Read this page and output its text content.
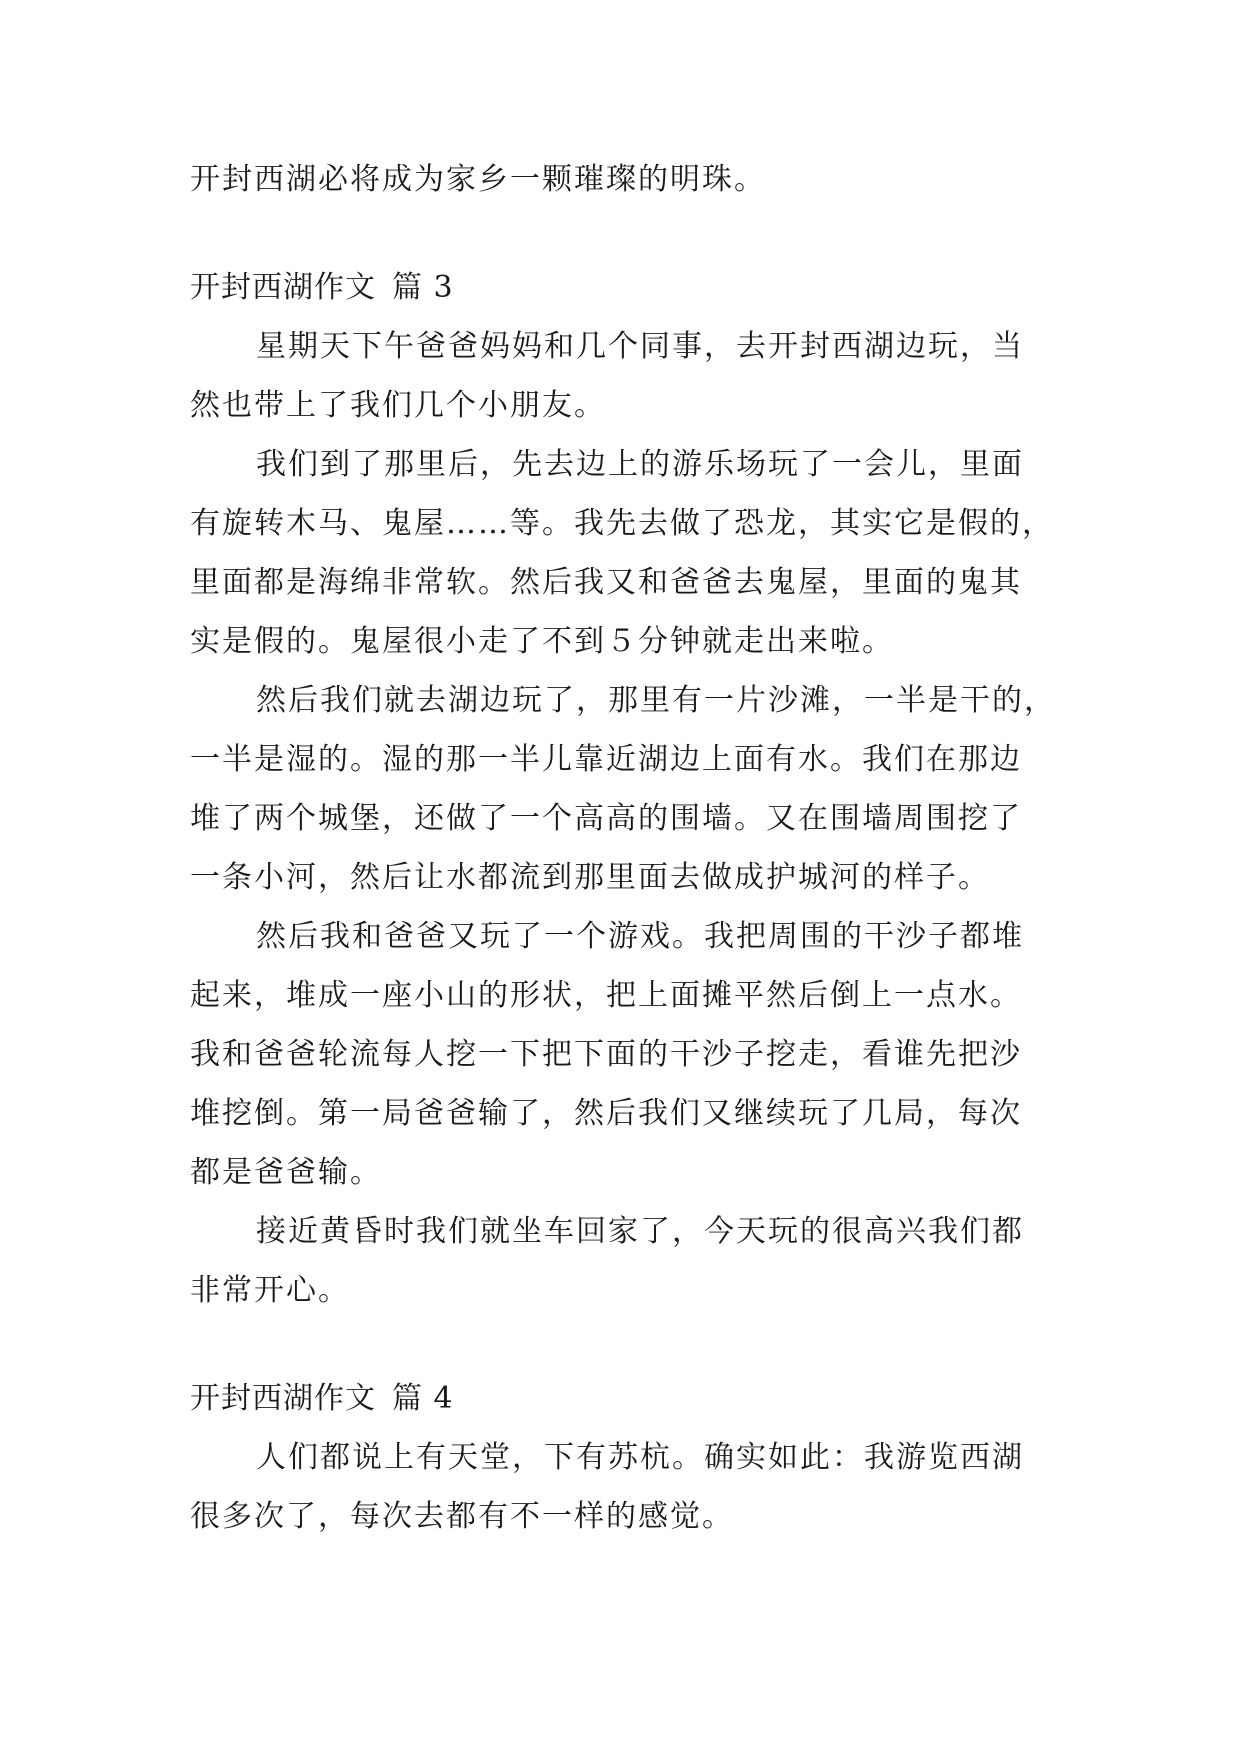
开封西湖必将成为家乡一颗璀璨的明珠。
开封西湖作文 篇 3
星期天下午爸爸妈妈和几个同事，去开封西湖边玩，当
然也带上了我们几个小朋友。
我们到了那里后，先去边上的游乐场玩了一会儿，里面
有旋转木马、鬼屋……等。我先去做了恐龙，其实它是假的，
里面都是海绵非常软。然后我又和爸爸去鬼屋，里面的鬼其
实是假的。鬼屋很小走了不到５分钟就走出来啦。
然后我们就去湖边玩了，那里有一片沙滩，一半是干的，
一半是湿的。湿的那一半儿靠近湖边上面有水。我们在那边
堆了两个城堡，还做了一个高高的围墙。又在围墙周围挖了
一条小河，然后让水都流到那里面去做成护城河的样子。
然后我和爸爸又玩了一个游戏。我把周围的干沙子都堆
起来，堆成一座小山的形状，把上面摊平然后倒上一点水。
我和爸爸轮流每人挖一下把下面的干沙子挖走，看谁先把沙
堆挖倒。第一局爸爸输了，然后我们又继续玩了几局，每次
都是爸爸输。
接近黄昏时我们就坐车回家了，今天玩的很高兴我们都
非常开心。
开封西湖作文 篇 4
人们都说上有天堂，下有苏杭。确实如此：我游览西湖
很多次了，每次去都有不一样的感觉。
